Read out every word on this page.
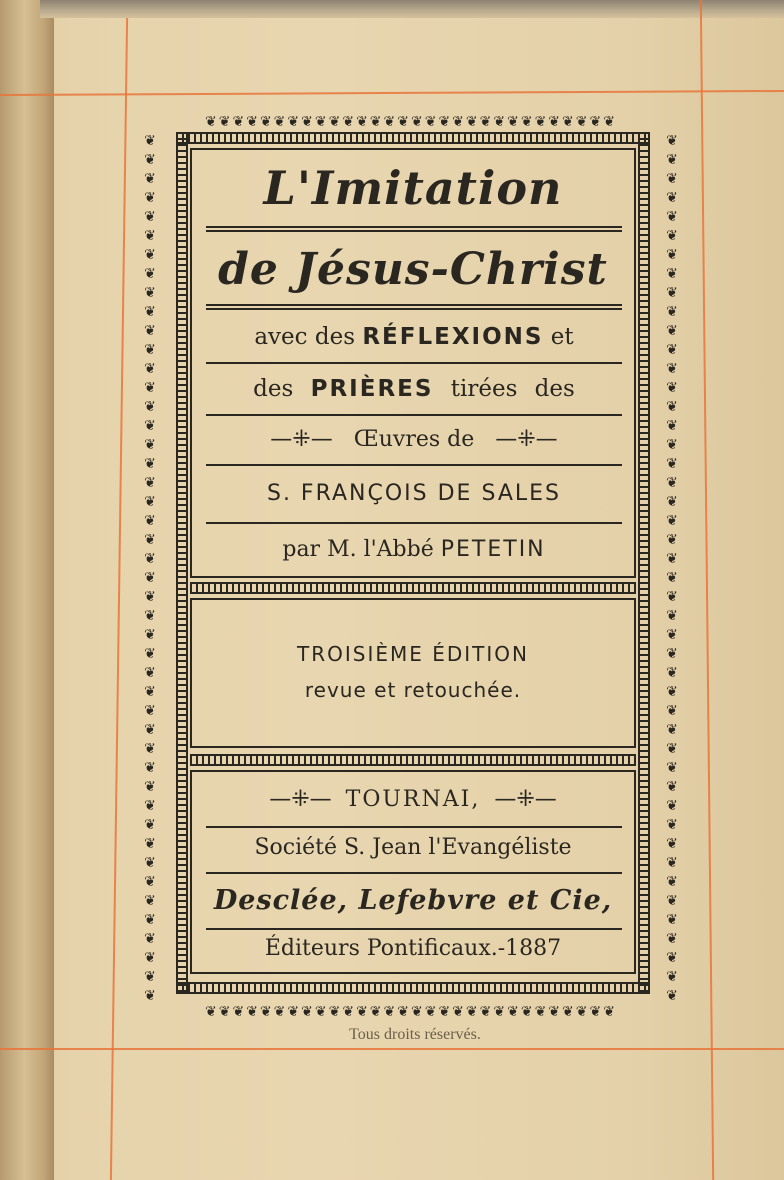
❦❦❦❦❦❦❦❦❦❦❦❦❦❦❦❦❦❦❦❦❦❦❦❦❦❦❦❦❦❦
❦❦❦❦❦❦❦❦❦❦❦❦❦❦❦❦❦❦❦❦❦❦❦❦❦❦❦❦❦❦
❦❦❦❦❦❦❦❦❦❦❦❦❦❦❦❦❦❦❦❦❦❦❦❦❦❦❦❦❦❦❦❦❦❦❦❦❦❦❦❦❦❦❦❦❦❦
❦❦❦❦❦❦❦❦❦❦❦❦❦❦❦❦❦❦❦❦❦❦❦❦❦❦❦❦❦❦❦❦❦❦❦❦❦❦❦❦❦❦❦❦❦❦
L'Imitation
de Jésus-Christ
avec des RÉFLEXIONS et
des PRIÈRES tirées des
—⁜— Œuvres de —⁜—
S. FRANÇOIS DE SALES
par M. l'Abbé PETETIN
TROISIÈME ÉDITION
revue et retouchée.
—⁜— TOURNAI, —⁜—
Société S. Jean l'Evangéliste
Desclée, Lefebvre et Cie,
Éditeurs Pontificaux.-1887
Tous droits réservés.
